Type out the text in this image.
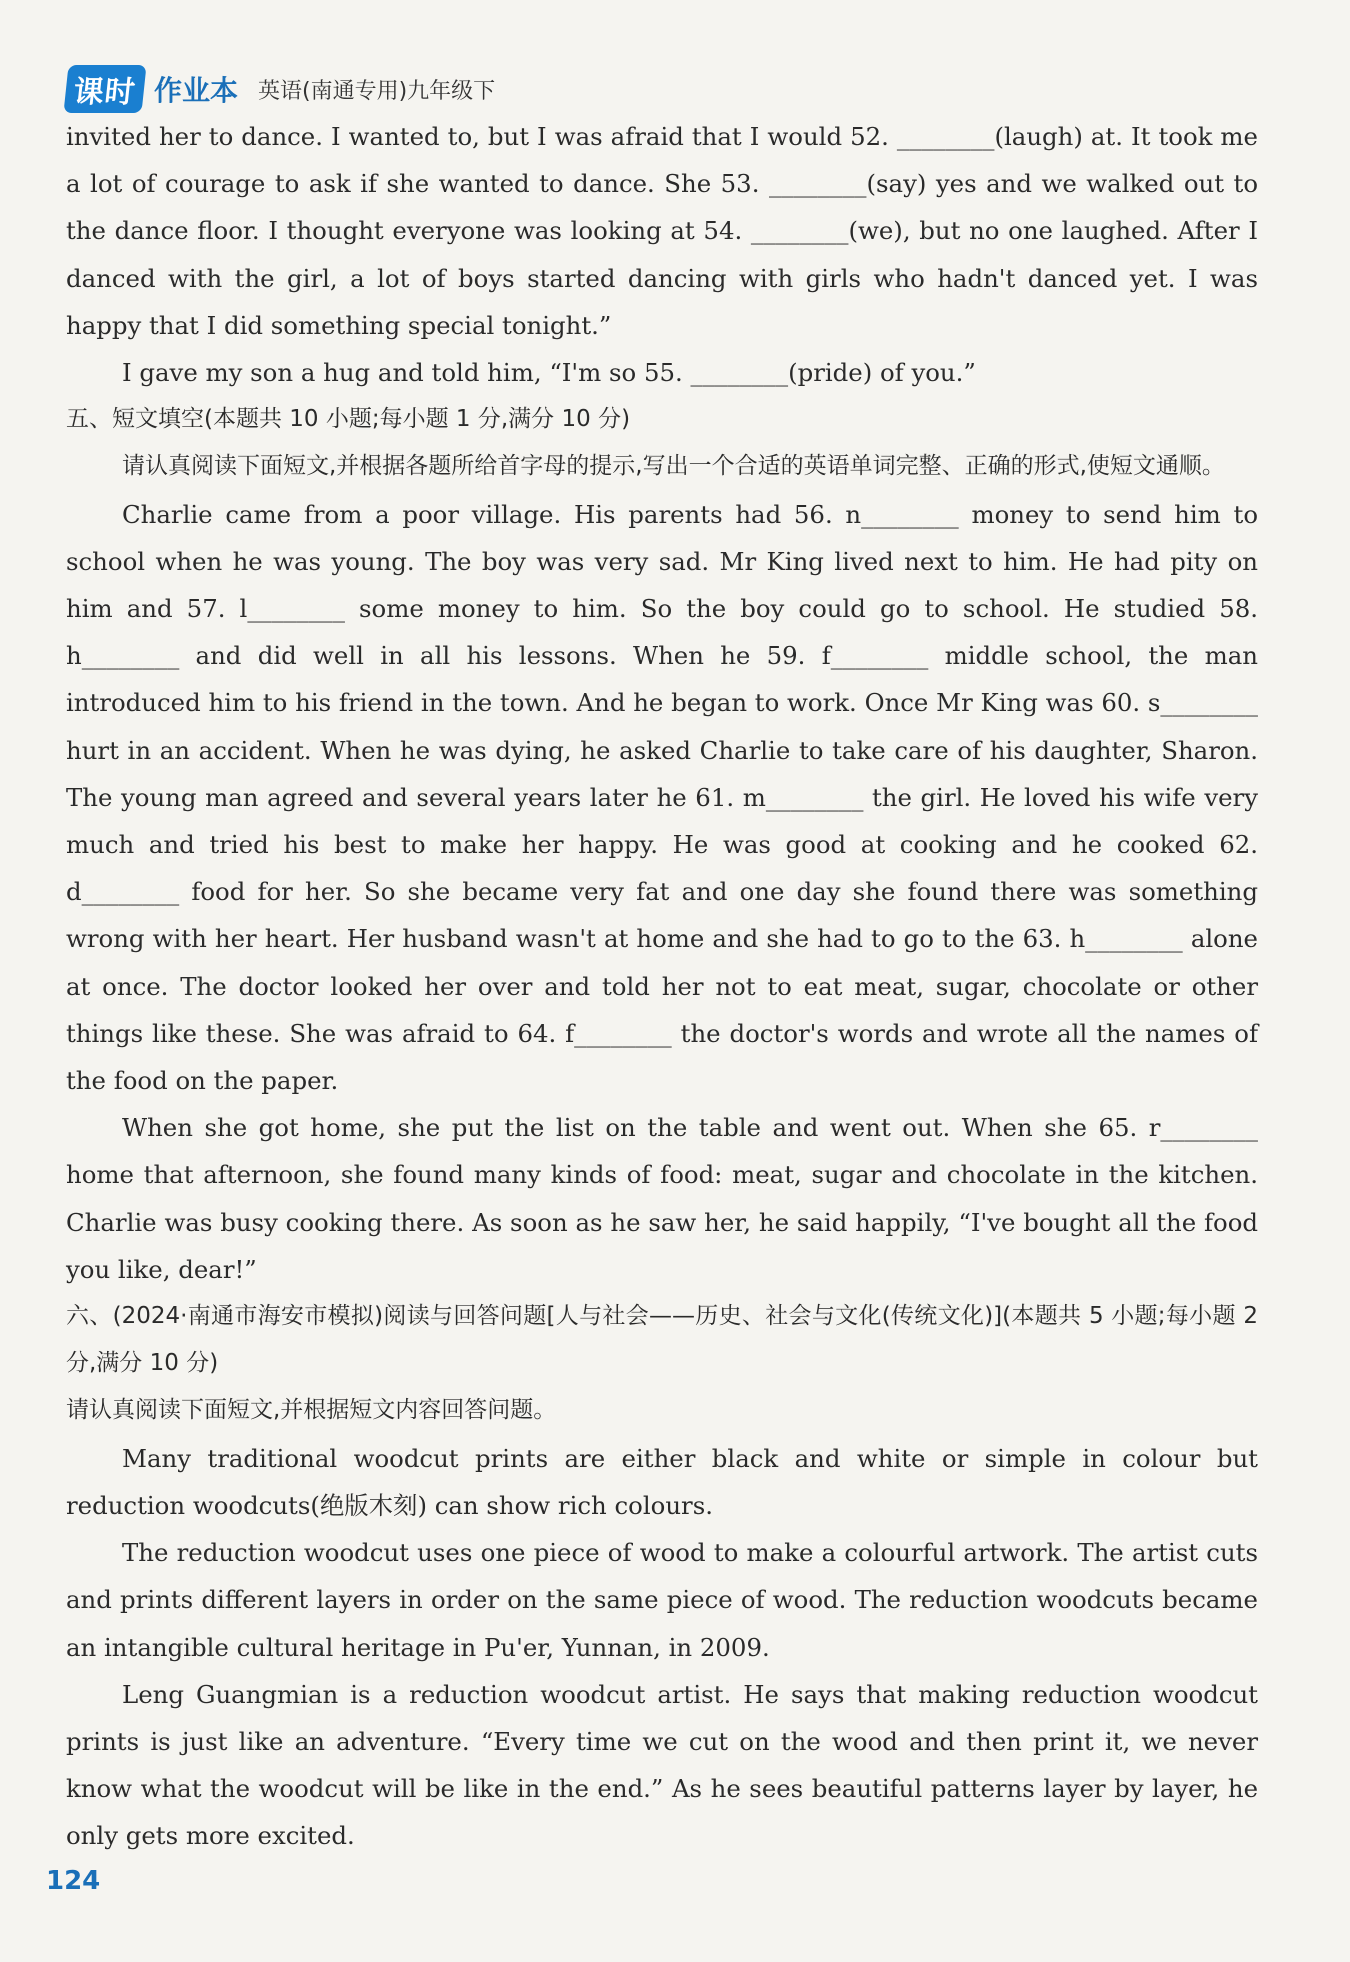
课时 作业本 英语(南通专用)九年级下

invited her to dance. I wanted to, but I was afraid that I would 52. ________(laugh) at. It took me a lot of courage to ask if she wanted to dance. She 53. ________(say) yes and we walked out to the dance floor. I thought everyone was looking at 54. ________(we), but no one laughed. After I danced with the girl, a lot of boys started dancing with girls who hadn't danced yet. I was happy that I did something special tonight.”

I gave my son a hug and told him, “I'm so 55. ________(pride) of you.”

五、短文填空(本题共 10 小题;每小题 1 分,满分 10 分)

请认真阅读下面短文,并根据各题所给首字母的提示,写出一个合适的英语单词完整、正确的形式,使短文通顺。

Charlie came from a poor village. His parents had 56. n________ money to send him to school when he was young. The boy was very sad. Mr King lived next to him. He had pity on him and 57. l________ some money to him. So the boy could go to school. He studied 58. h________ and did well in all his lessons. When he 59. f________ middle school, the man introduced him to his friend in the town. And he began to work. Once Mr King was 60. s________ hurt in an accident. When he was dying, he asked Charlie to take care of his daughter, Sharon. The young man agreed and several years later he 61. m________ the girl. He loved his wife very much and tried his best to make her happy. He was good at cooking and he cooked 62. d________ food for her. So she became very fat and one day she found there was something wrong with her heart. Her husband wasn't at home and she had to go to the 63. h________ alone at once. The doctor looked her over and told her not to eat meat, sugar, chocolate or other things like these. She was afraid to 64. f________ the doctor's words and wrote all the names of the food on the paper.

When she got home, she put the list on the table and went out. When she 65. r________ home that afternoon, she found many kinds of food: meat, sugar and chocolate in the kitchen. Charlie was busy cooking there. As soon as he saw her, he said happily, “I've bought all the food you like, dear!”

六、(2024·南通市海安市模拟)阅读与回答问题[人与社会——历史、社会与文化(传统文化)](本题共 5 小题;每小题 2 分,满分 10 分)

请认真阅读下面短文,并根据短文内容回答问题。

Many traditional woodcut prints are either black and white or simple in colour but reduction woodcuts(绝版木刻) can show rich colours.

The reduction woodcut uses one piece of wood to make a colourful artwork. The artist cuts and prints different layers in order on the same piece of wood. The reduction woodcuts became an intangible cultural heritage in Pu'er, Yunnan, in 2009.

Leng Guangmian is a reduction woodcut artist. He says that making reduction woodcut prints is just like an adventure. “Every time we cut on the wood and then print it, we never know what the woodcut will be like in the end.” As he sees beautiful patterns layer by layer, he only gets more excited.

124
